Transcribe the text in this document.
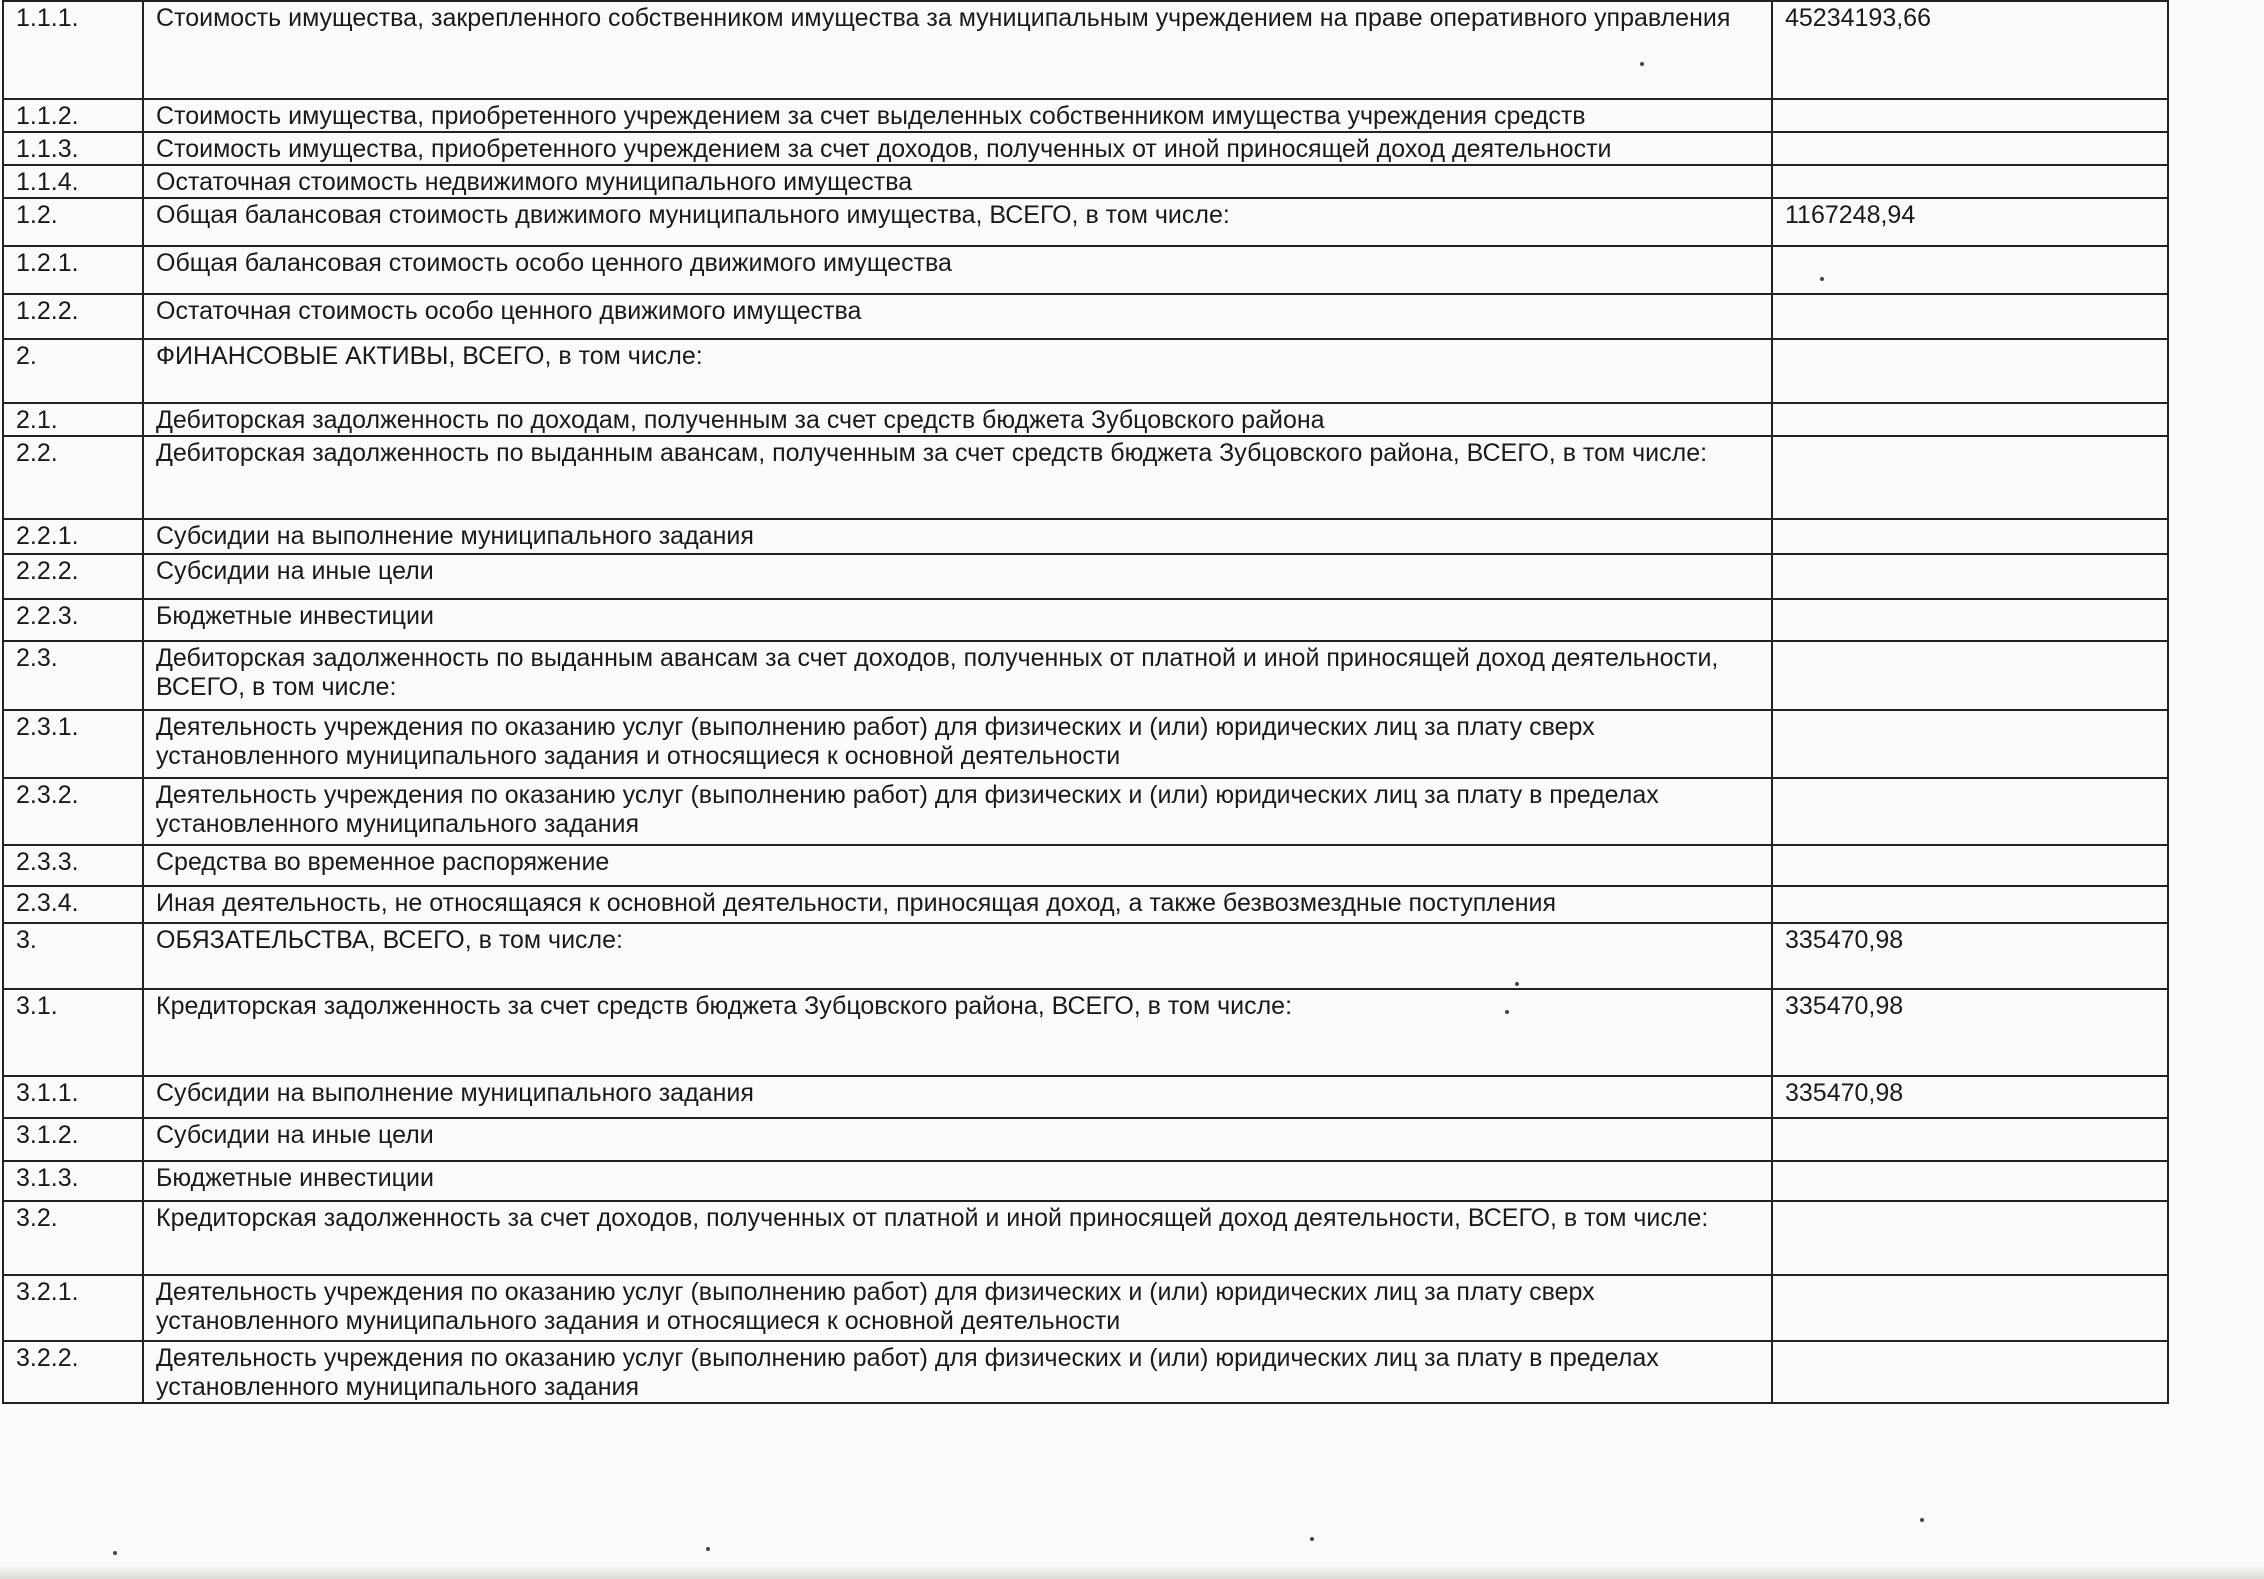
1.1.1.	Стоимость имущества, закрепленного собственником имущества за муниципальным учреждением на праве оперативного управления	45234193,66
1.1.2.	Стоимость имущества, приобретенного учреждением за счет выделенных собственником имущества учреждения средств	
1.1.3.	Стоимость имущества, приобретенного учреждением за счет доходов, полученных от иной приносящей доход деятельности	
1.1.4.	Остаточная стоимость недвижимого муниципального имущества	
1.2.	Общая балансовая стоимость движимого муниципального имущества, ВСЕГО, в том числе:	1167248,94
1.2.1.	Общая балансовая стоимость особо ценного движимого имущества	
1.2.2.	Остаточная стоимость особо ценного движимого имущества	
2.	ФИНАНСОВЫЕ АКТИВЫ, ВСЕГО, в том числе:	
2.1.	Дебиторская задолженность по доходам, полученным за счет средств бюджета Зубцовского района	
2.2.	Дебиторская задолженность по выданным авансам, полученным за счет средств бюджета Зубцовского района, ВСЕГО, в том числе:	
2.2.1.	Субсидии на выполнение муниципального задания	
2.2.2.	Субсидии на иные цели	
2.2.3.	Бюджетные инвестиции	
2.3.	Дебиторская задолженность по выданным авансам за счет доходов, полученных от платной и иной приносящей доход деятельности, ВСЕГО, в том числе:	
2.3.1.	Деятельность учреждения по оказанию услуг (выполнению работ) для физических и (или) юридических лиц за плату сверх установленного муниципального задания и относящиеся к основной деятельности	
2.3.2.	Деятельность учреждения по оказанию услуг (выполнению работ) для физических и (или) юридических лиц за плату в пределах установленного муниципального задания	
2.3.3.	Средства во временное распоряжение	
2.3.4.	Иная деятельность, не относящаяся к основной деятельности, приносящая доход, а также безвозмездные поступления	
3.	ОБЯЗАТЕЛЬСТВА, ВСЕГО, в том числе:	335470,98
3.1.	Кредиторская задолженность за счет средств бюджета Зубцовского района, ВСЕГО, в том числе:	335470,98
3.1.1.	Субсидии на выполнение муниципального задания	335470,98
3.1.2.	Субсидии на иные цели	
3.1.3.	Бюджетные инвестиции	
3.2.	Кредиторская задолженность за счет доходов, полученных от платной и иной приносящей доход деятельности, ВСЕГО, в том числе:	
3.2.1.	Деятельность учреждения по оказанию услуг (выполнению работ) для физических и (или) юридических лиц за плату сверх установленного муниципального задания и относящиеся к основной деятельности	
3.2.2.	Деятельность учреждения по оказанию услуг (выполнению работ) для физических и (или) юридических лиц за плату в пределах установленного муниципального задания	
